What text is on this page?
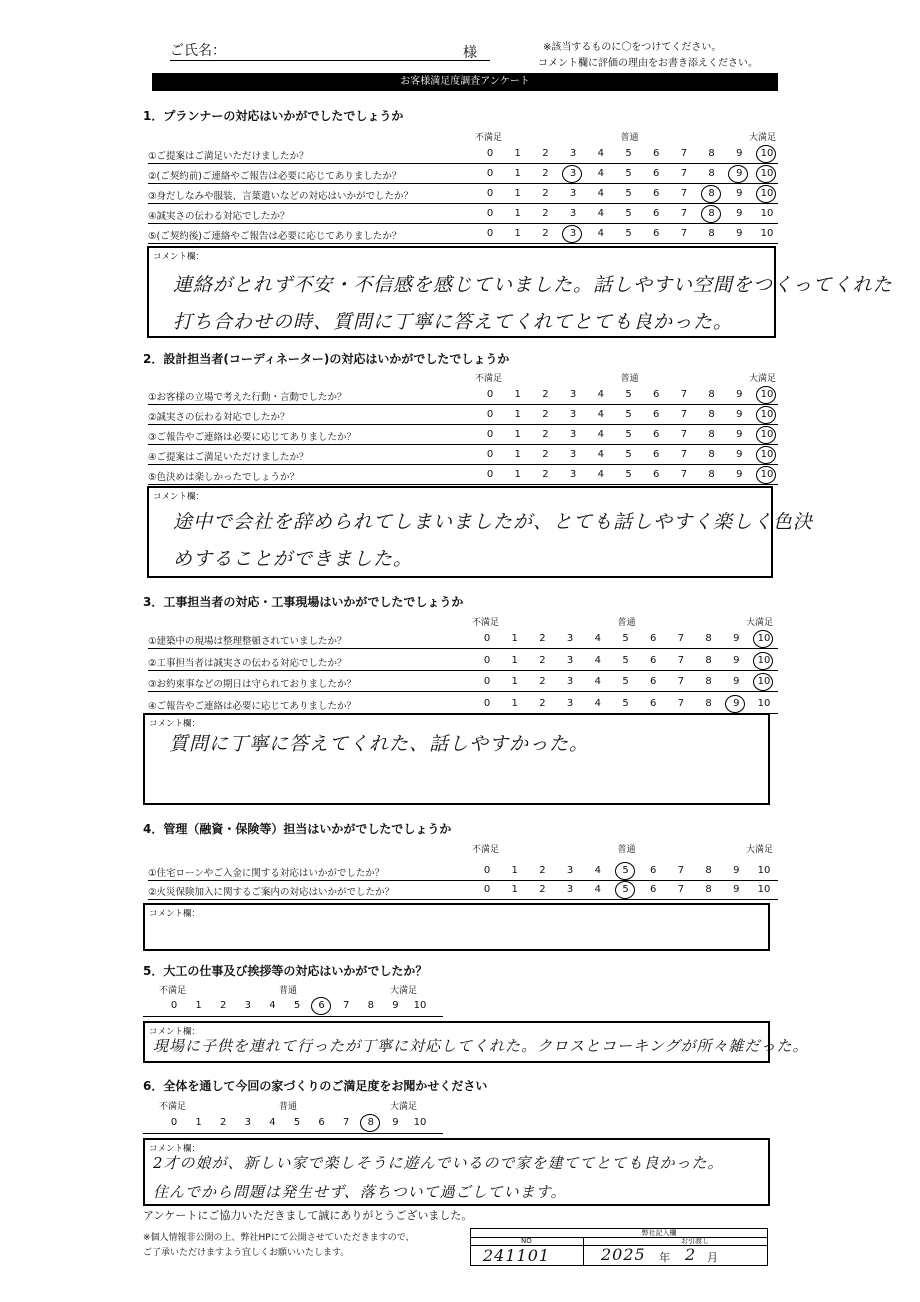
ご氏名：	様	※該当するものに〇をつけてください。
コメント欄に評価の理由をお書き添えください。
お客様満足度調査アンケート
1．プランナーの対応はいかがでしたでしょうか
不満足	普通	大満足
①ご提案はご満足いただけましたか？	0	1	2	3	4	5	6	7	8	9	10
②(ご契約前)ご連絡やご報告は必要に応じてありましたか？	0	1	2	3	4	5	6	7	8	9	10
③身だしなみや服装、言葉遣いなどの対応はいかがでしたか？	0	1	2	3	4	5	6	7	8	9	10
④誠実さの伝わる対応でしたか？	0	1	2	3	4	5	6	7	8	9	10
⑤(ご契約後)ご連絡やご報告は必要に応じてありましたか？	0	1	2	3	4	5	6	7	8	9	10
コメント欄：
連絡がとれず不安・不信感を感じていました。話しやすい空間をつくってくれた
打ち合わせの時、質問に丁寧に答えてくれてとても良かった。
2．設計担当者(コーディネーター)の対応はいかがでしたでしょうか
不満足	普通	大満足
①お客様の立場で考えた行動・言動でしたか？	0	1	2	3	4	5	6	7	8	9	10
②誠実さの伝わる対応でしたか？	0	1	2	3	4	5	6	7	8	9	10
③ご報告やご連絡は必要に応じてありましたか？	0	1	2	3	4	5	6	7	8	9	10
④ご提案はご満足いただけましたか？	0	1	2	3	4	5	6	7	8	9	10
⑤色決めは楽しかったでしょうか？	0	1	2	3	4	5	6	7	8	9	10
コメント欄：
途中で会社を辞められてしまいましたが、とても話しやすく楽しく色決
めすることができました。
3．工事担当者の対応・工事現場はいかがでしたでしょうか
不満足	普通	大満足
①建築中の現場は整理整頓されていましたか？	0	1	2	3	4	5	6	7	8	9	10
②工事担当者は誠実さの伝わる対応でしたか？	0	1	2	3	4	5	6	7	8	9	10
③お約束事などの期日は守られておりましたか？	0	1	2	3	4	5	6	7	8	9	10
④ご報告やご連絡は必要に応じてありましたか？	0	1	2	3	4	5	6	7	8	9	10
コメント欄：
質問に丁寧に答えてくれた、話しやすかった。
4．管理（融資・保険等）担当はいかがでしたでしょうか
不満足	普通	大満足
①住宅ローンやご入金に関する対応はいかがでしたか？	0	1	2	3	4	5	6	7	8	9	10
②火災保険加入に関するご案内の対応はいかがでしたか？	0	1	2	3	4	5	6	7	8	9	10
コメント欄：
5．大工の仕事及び挨拶等の対応はいかがでしたか？
不満足	普通	大満足
0	1	2	3	4	5	6	7	8	9	10
コメント欄：
現場に子供を連れて行ったが丁寧に対応してくれた。クロスとコーキングが所々雑だった。
6．全体を通して今回の家づくりのご満足度をお聞かせください
不満足	普通	大満足
0	1	2	3	4	5	6	7	8	9	10
コメント欄：
2才の娘が、新しい家で楽しそうに遊んでいるので家を建ててとても良かった。
住んでから問題は発生せず、落ちついて過ごしています。
アンケートにご協力いただきまして誠にありがとうございました。
※個人情報非公開の上、弊社HPにて公開させていただきますので、
ご了承いただけますよう宜しくお願いいたします。
弊社記入欄
NO	お引渡し
241101	2025 年 2 月
